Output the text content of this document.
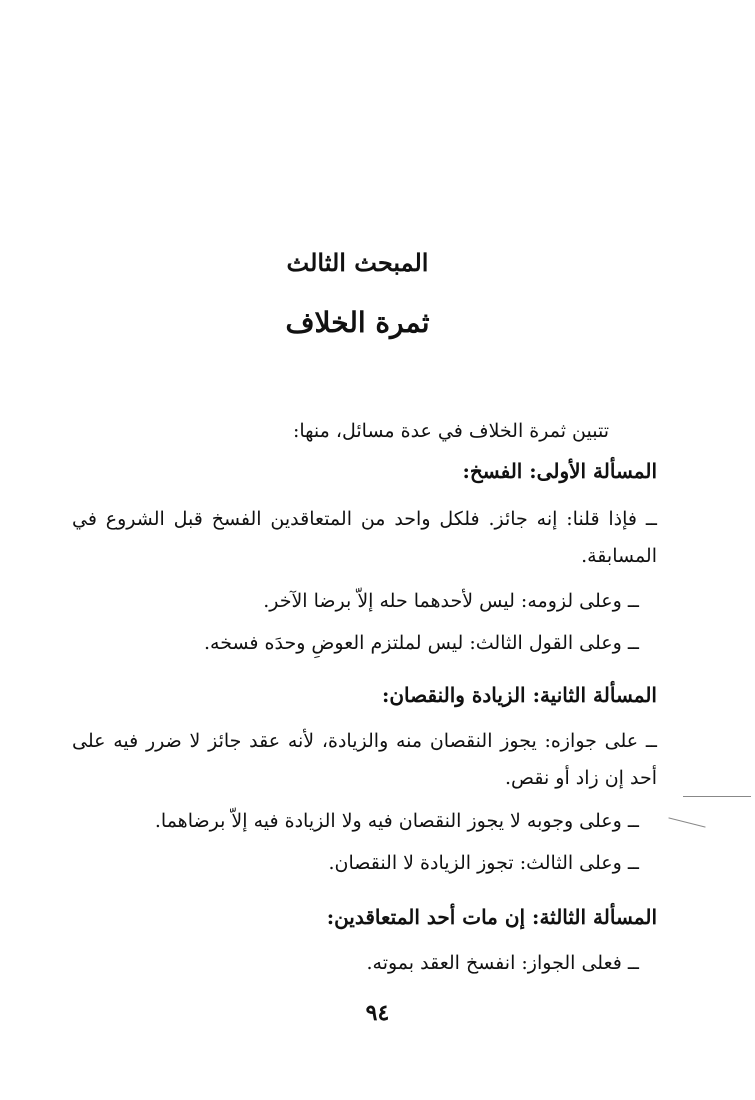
المبحث الثالث
ثمرة الخلاف
تتبين ثمرة الخلاف في عدة مسائل، منها:
المسألة الأولى: الفسخ:
ــ فإذا قلنا: إنه جائز. فلكل واحد من المتعاقدين الفسخ قبل الشروع في المسابقة.
ــ وعلى لزومه: ليس لأحدهما حله إلاّ برضا الآخر.
ــ وعلى القول الثالث: ليس لملتزم العوضِ وحدَه فسخه.
المسألة الثانية: الزيادة والنقصان:
ــ على جوازه: يجوز النقصان منه والزيادة، لأنه عقد جائز لا ضرر فيه على أحد إن زاد أو نقص.
ــ وعلى وجوبه لا يجوز النقصان فيه ولا الزيادة فيه إلاّ برضاهما.
ــ وعلى الثالث: تجوز الزيادة لا النقصان.
المسألة الثالثة: إن مات أحد المتعاقدين:
ــ فعلى الجواز: انفسخ العقد بموته.
٩٤
